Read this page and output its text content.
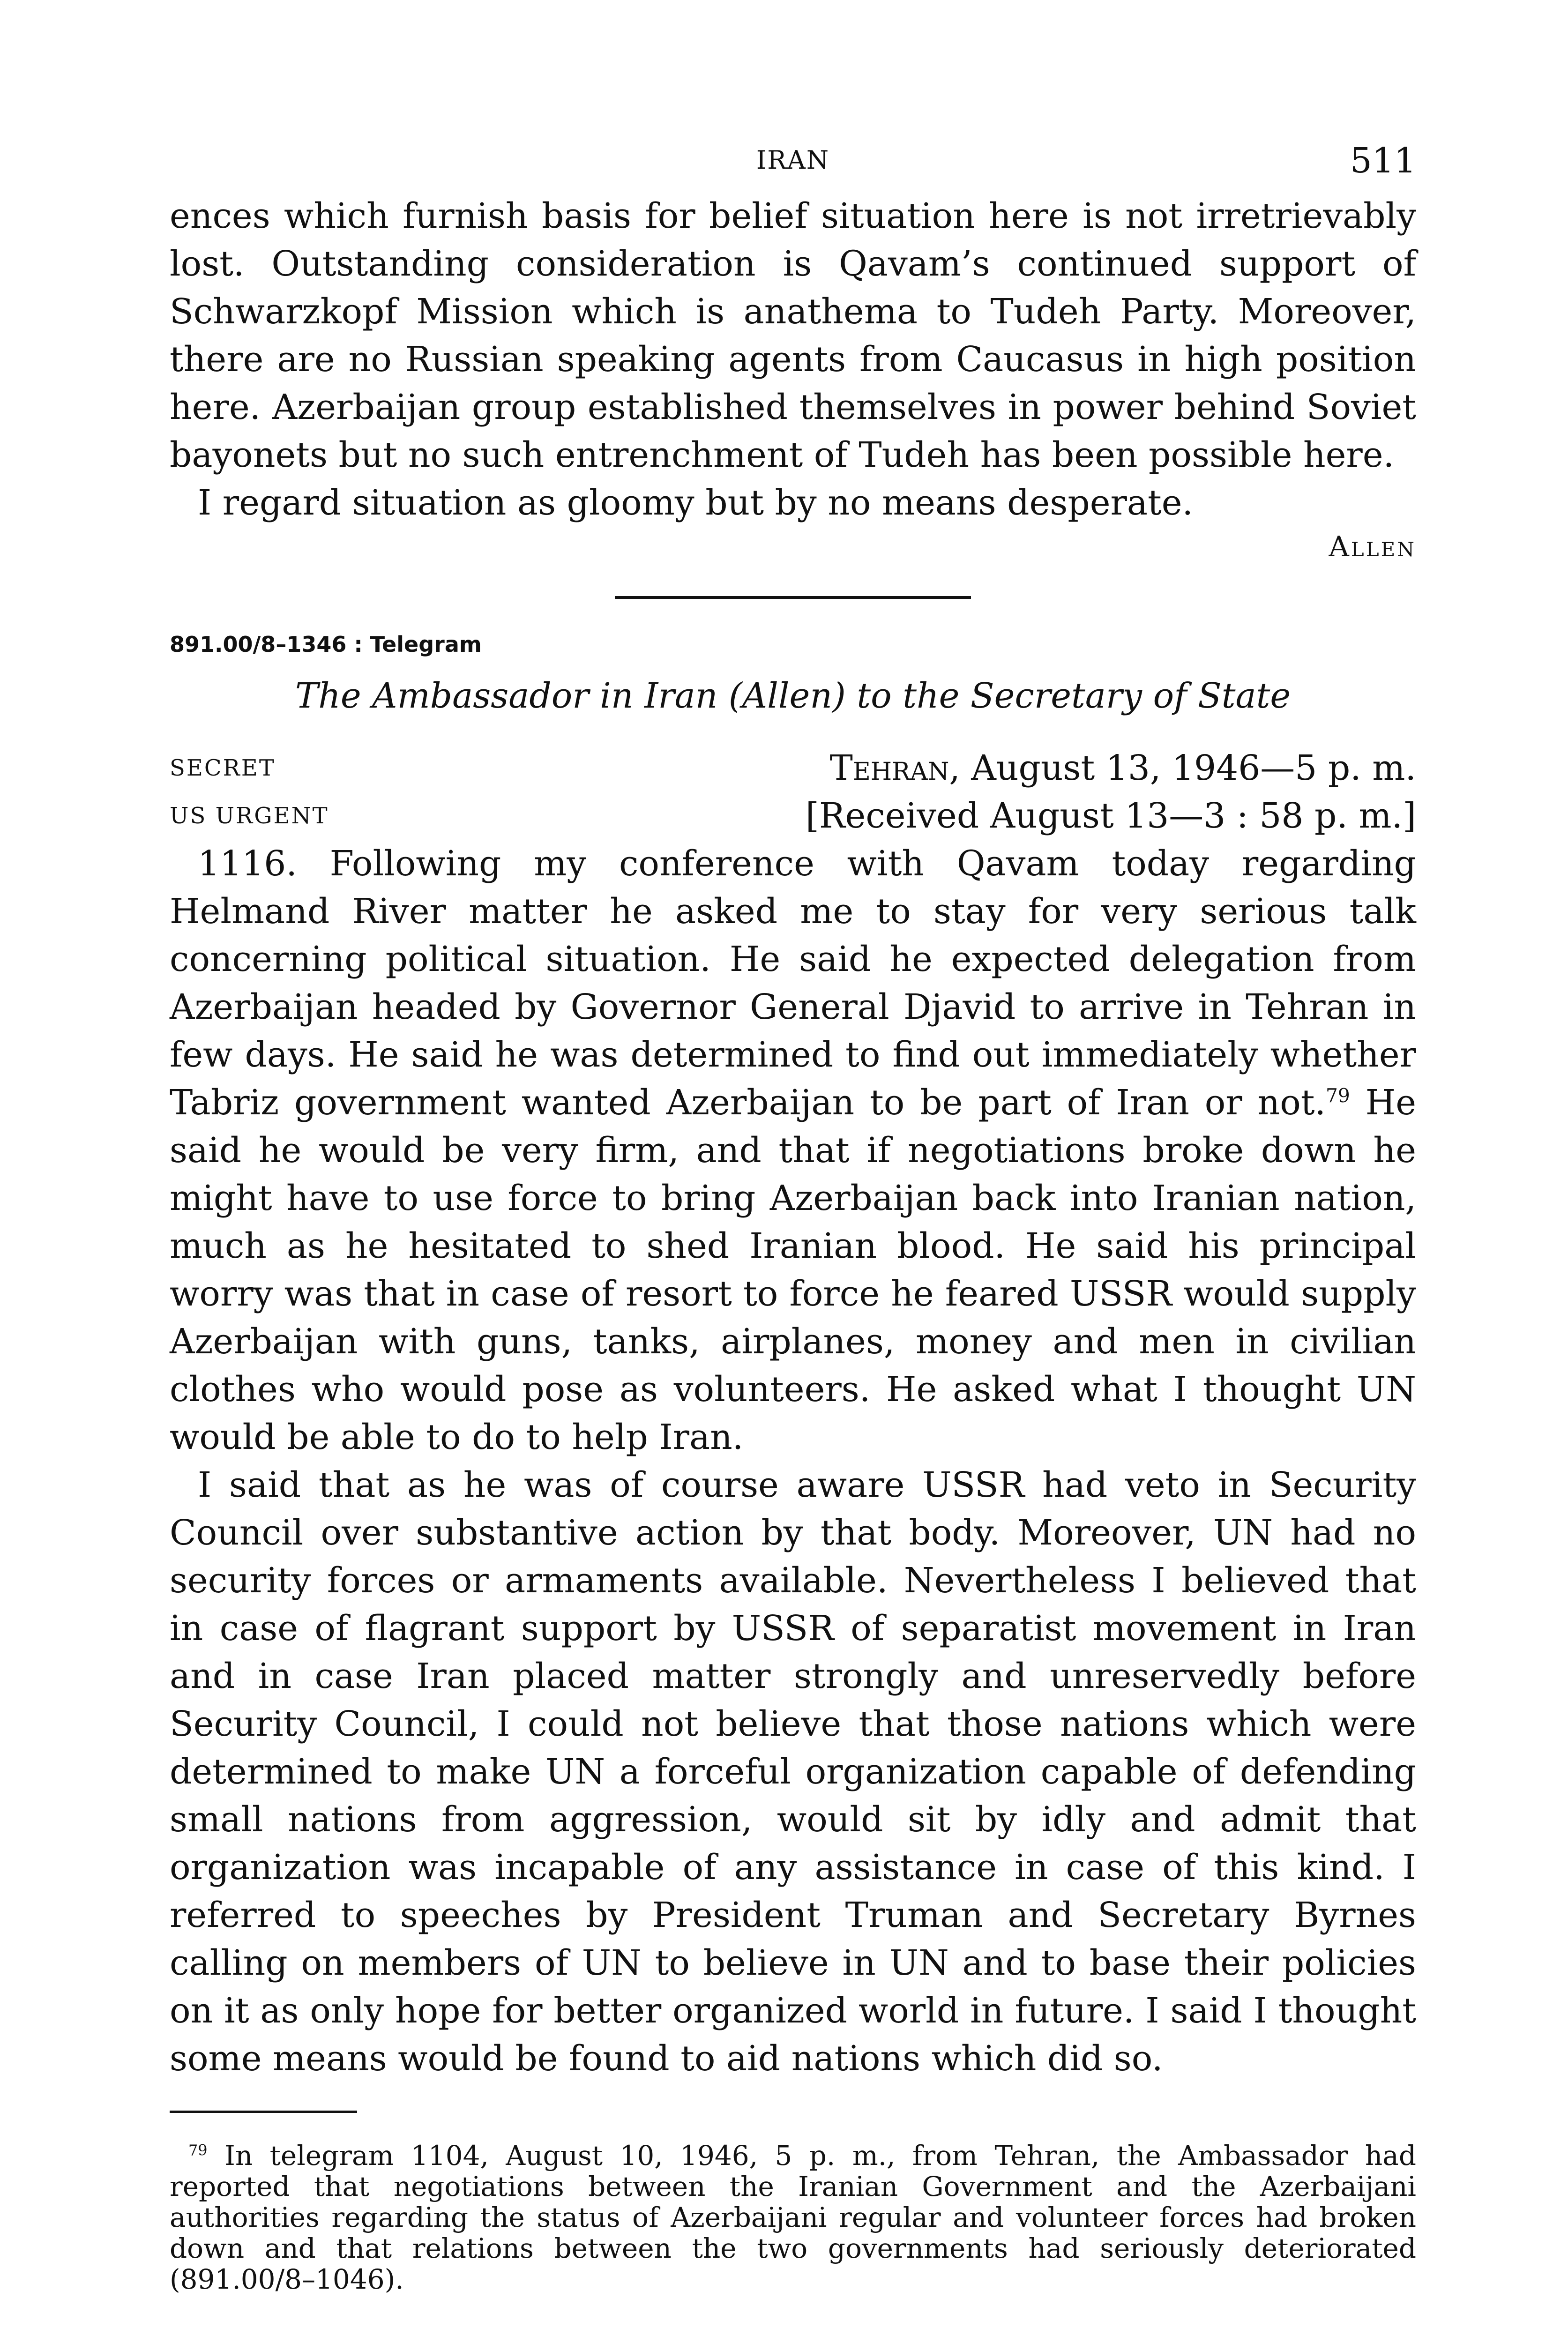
IRAN	511

ences which furnish basis for belief situation here is not irretrievably lost. Outstanding consideration is Qavam’s continued support of Schwarzkopf Mission which is anathema to Tudeh Party. Moreover, there are no Russian speaking agents from Caucasus in high position here. Azerbaijan group established themselves in power behind Soviet bayonets but no such entrenchment of Tudeh has been possible here.

I regard situation as gloomy but by no means desperate.

Allen
891.00/8–1346 : Telegram
The Ambassador in Iran (Allen) to the Secretary of State
SECRET	Tehran, August 13, 1946—5 p. m.
US URGENT	[Received August 13—3 : 58 p. m.]

1116. Following my conference with Qavam today regarding Helmand River matter he asked me to stay for very serious talk concerning political situation. He said he expected delegation from Azerbaijan headed by Governor General Djavid to arrive in Tehran in few days. He said he was determined to find out immediately whether Tabriz government wanted Azerbaijan to be part of Iran or not.$^{79}$ He said he would be very firm, and that if negotiations broke down he might have to use force to bring Azerbaijan back into Iranian nation, much as he hesitated to shed Iranian blood. He said his principal worry was that in case of resort to force he feared USSR would supply Azerbaijan with guns, tanks, airplanes, money and men in civilian clothes who would pose as volunteers. He asked what I thought UN would be able to do to help Iran.

I said that as he was of course aware USSR had veto in Security Council over substantive action by that body. Moreover, UN had no security forces or armaments available. Nevertheless I believed that in case of flagrant support by USSR of separatist movement in Iran and in case Iran placed matter strongly and unreservedly before Security Council, I could not believe that those nations which were determined to make UN a forceful organization capable of defending small nations from aggression, would sit by idly and admit that organization was incapable of any assistance in case of this kind. I referred to speeches by President Truman and Secretary Byrnes calling on members of UN to believe in UN and to base their policies on it as only hope for better organized world in future. I said I thought some means would be found to aid nations which did so.

$^{79}$ In telegram 1104, August 10, 1946, 5 p. m., from Tehran, the Ambassador had reported that negotiations between the Iranian Government and the Azerbaijani authorities regarding the status of Azerbaijani regular and volunteer forces had broken down and that relations between the two governments had seriously deteriorated (891.00/8–1046).
